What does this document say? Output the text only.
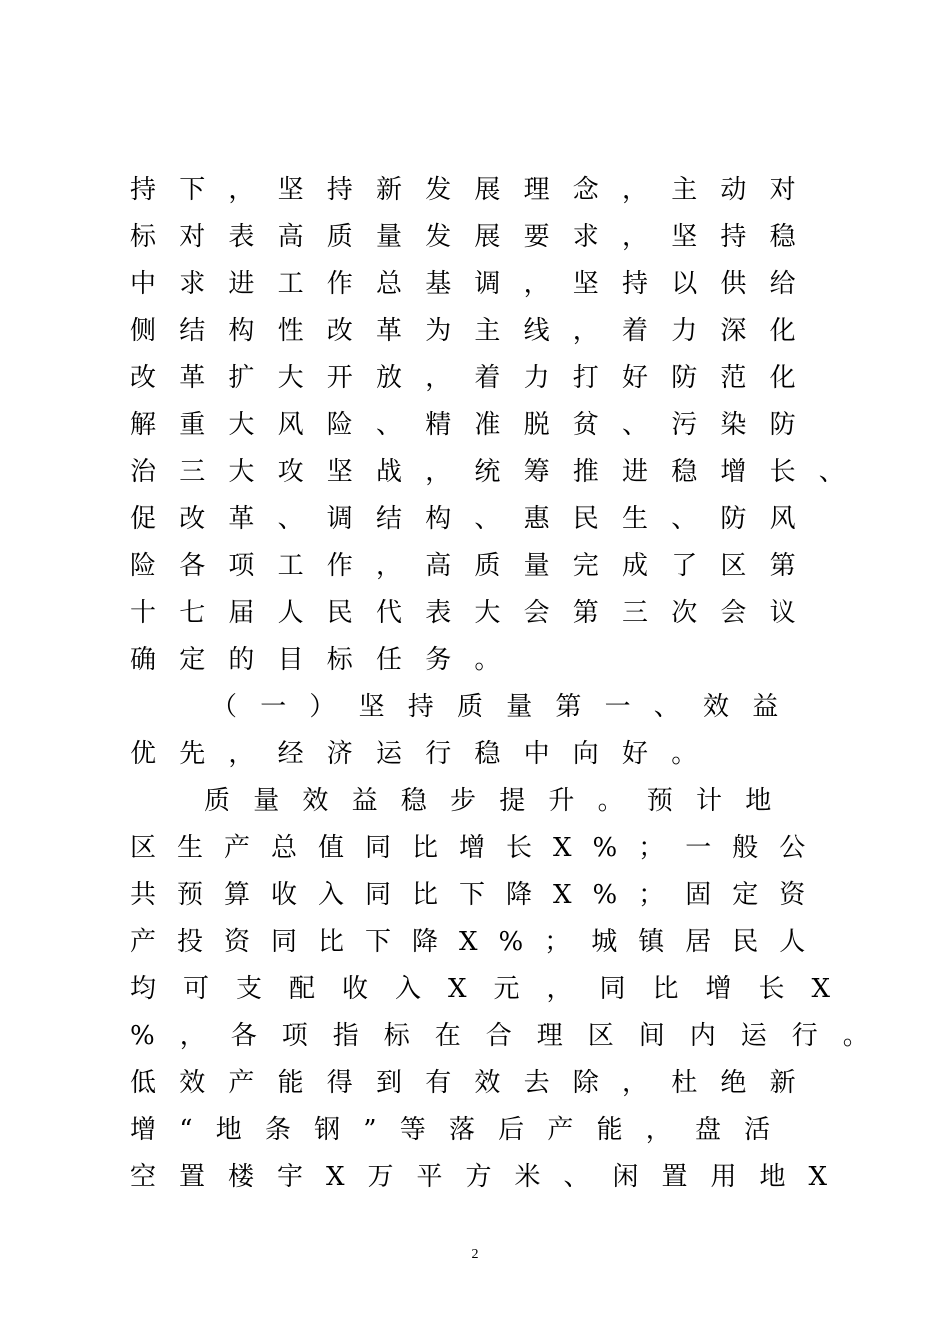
持下，坚持新发展理念，主动对
标对表高质量发展要求，坚持稳
中求进工作总基调，坚持以供给
侧结构性改革为主线，着力深化
改革扩大开放，着力打好防范化
解重大风险、精准脱贫、污染防
治三大攻坚战，统筹推进稳增长、
促改革、调结构、惠民生、防风
险各项工作，高质量完成了区第
十七届人民代表大会第三次会议
确定的目标任务。
（一）坚持质量第一、效益
优先，经济运行稳中向好。
质量效益稳步提升。预计地
区生产总值同比增长X%；一般公
共预算收入同比下降X%；固定资
产投资同比下降X%；城镇居民人
均可支配收入X元，同比增长X
%，各项指标在合理区间内运行。
低效产能得到有效去除，杜绝新
增“地条钢”等落后产能，盘活
空置楼宇X万平方米、闲置用地X
2
